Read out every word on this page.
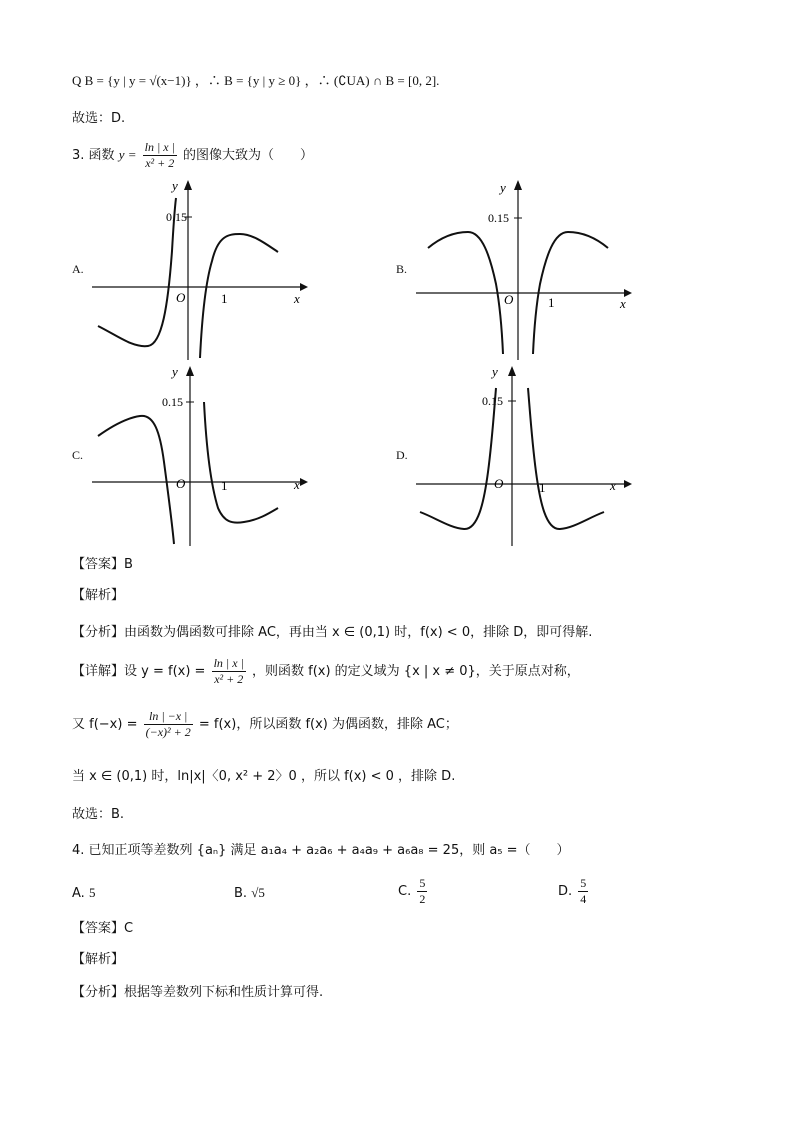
Q B = {y | y = √(x−1)} ，∴ B = {y | y ≥ 0} ，∴ (∁UA) ∩ B = [0, 2].
故选：D.
3. 函数 $y = \frac{\ln | x |}{\text{x² + 2}}$ 的图像大致为（　　）
A.	B.
C.	D.
0.15
y
x
O	1
0.15
y
x
O	1
0.15
y
x
O	1
0.15
y
x
O	1
【答案】B
【解析】
【分析】由函数为偶函数可排除 AC，再由当 x ∈ (0,1) 时，f(x) < 0，排除 D，即可得解.
【详解】设 $y = f(x) = \frac{\ln | x |}{\text{x² + 2}}$ ，则函数 f(x) 的定义域为 {x | x ≠ 0}，关于原点对称，
又 $f(-x) = \frac{\ln | -x |}{\text{(−x)² + 2}} = f(x)$，所以函数 f(x) 为偶函数，排除 AC；
当 x ∈ (0,1) 时，ln|x|〈0, x² + 2〉0 ，所以 f(x) < 0 ，排除 D.
故选：B.
4. 已知正项等差数列 {aₙ} 满足 a₁a₄ + a₂a₆ + a₄a₉ + a₆a₈ = 25，则 a₅ =（　　）
A. 5	B. √5	C. $\frac{5}{2}$	D. $\frac{5}{4}$
【答案】C
【解析】
【分析】根据等差数列下标和性质计算可得.
